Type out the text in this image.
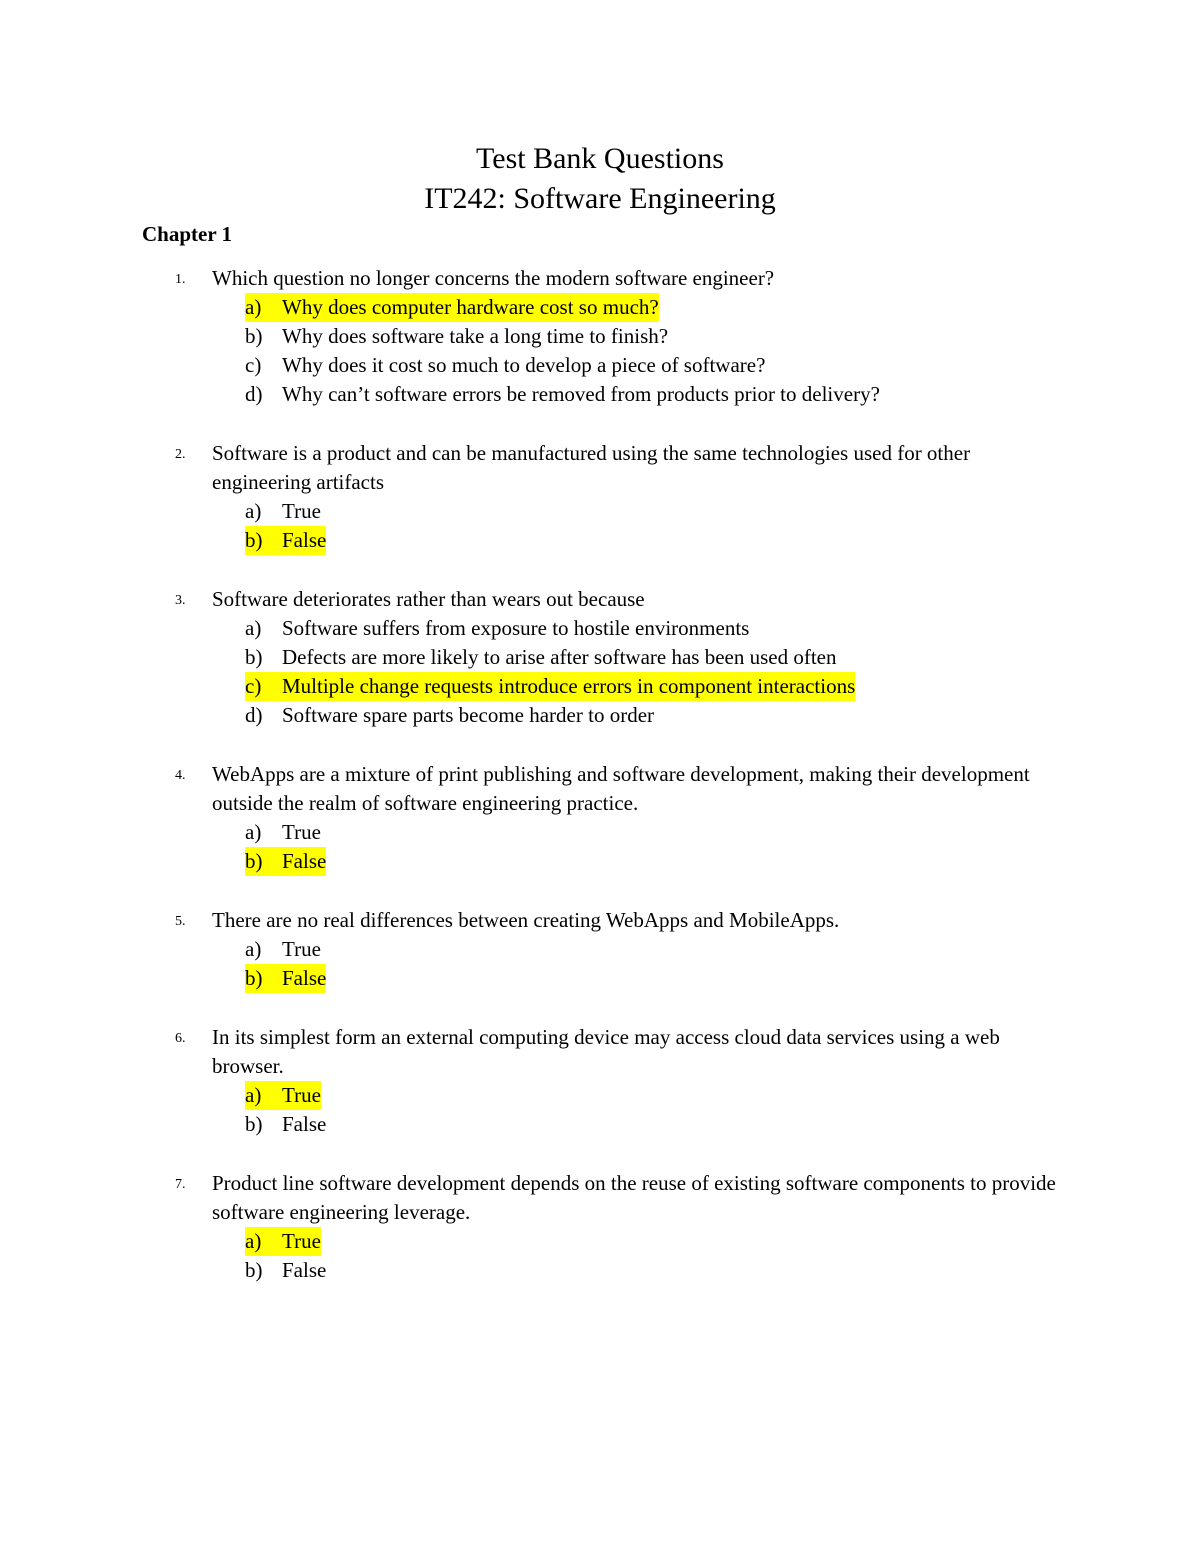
Test Bank Questions
IT242: Software Engineering
Chapter 1
1. Which question no longer concerns the modern software engineer?

a) Why does computer hardware cost so much?
b) Why does software take a long time to finish?
c) Why does it cost so much to develop a piece of software?
d) Why can’t software errors be removed from products prior to delivery?
2. Software is a product and can be manufactured using the same technologies used for other engineering artifacts

a) True
b) False
3. Software deteriorates rather than wears out because

a) Software suffers from exposure to hostile environments
b) Defects are more likely to arise after software has been used often
c) Multiple change requests introduce errors in component interactions
d) Software spare parts become harder to order
4. WebApps are a mixture of print publishing and software development, making their development outside the realm of software engineering practice.

a) True
b) False
5. There are no real differences between creating WebApps and MobileApps.

a) True
b) False
6. In its simplest form an external computing device may access cloud data services using a web browser.

a) True
b) False
7. Product line software development depends on the reuse of existing software components to provide software engineering leverage.

a) True
b) False
